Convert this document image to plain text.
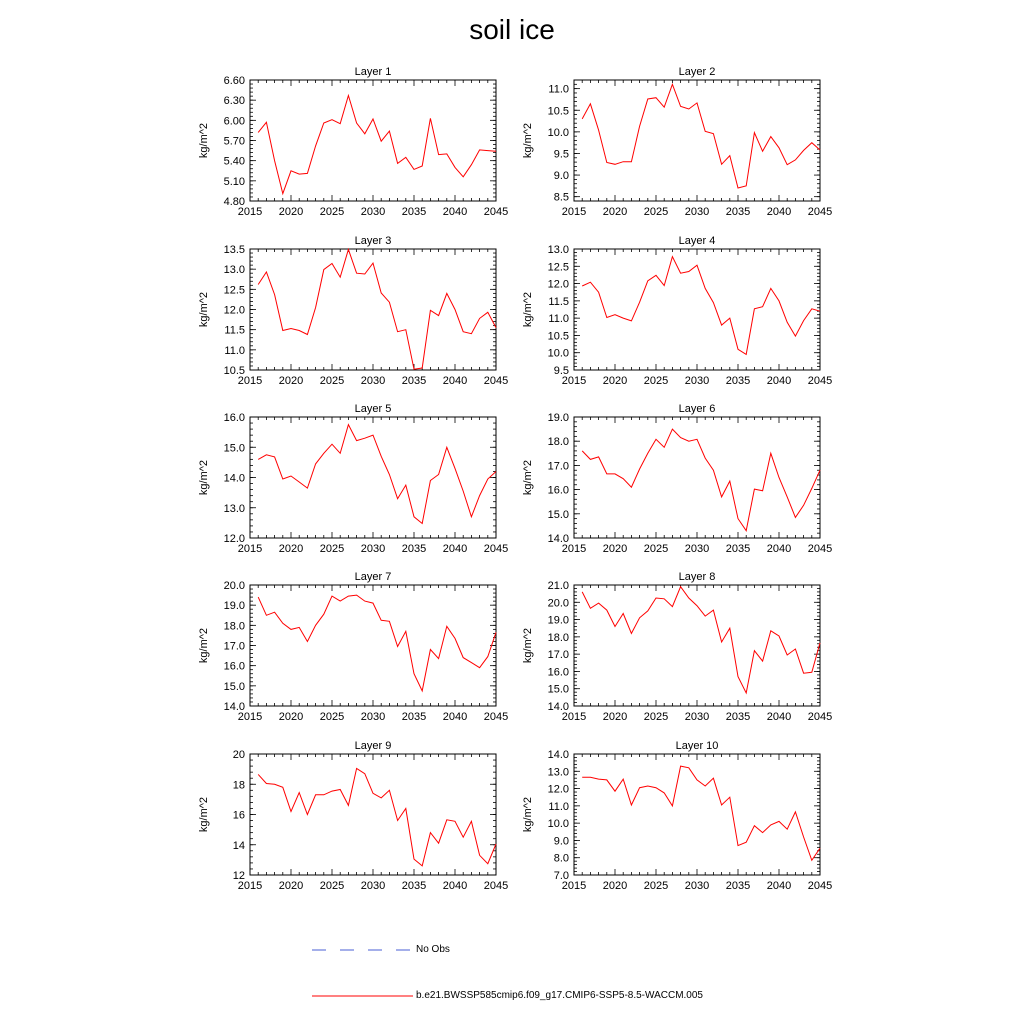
soil ice
Layer 1
kg/m^2
2015 2020 2025 2030 2035 2040 2045
4.80
5.10
5.40
5.70
6.00
6.30
6.60
Layer 2
kg/m^2
2015 2020 2025 2030 2035 2040 2045
8.5
9.0
9.5
10.0
10.5
11.0
Layer 3
kg/m^2
2015 2020 2025 2030 2035 2040 2045
10.5
11.0
11.5
12.0
12.5
13.0
13.5
Layer 4
kg/m^2
2015 2020 2025 2030 2035 2040 2045
9.5
10.0
10.5
11.0
11.5
12.0
12.5
13.0
Layer 5
kg/m^2
2015 2020 2025 2030 2035 2040 2045
12.0
13.0
14.0
15.0
16.0
Layer 6
kg/m^2
2015 2020 2025 2030 2035 2040 2045
14.0
15.0
16.0
17.0
18.0
19.0
Layer 7
kg/m^2
2015 2020 2025 2030 2035 2040 2045
14.0
15.0
16.0
17.0
18.0
19.0
20.0
Layer 8
kg/m^2
2015 2020 2025 2030 2035 2040 2045
14.0
15.0
16.0
17.0
18.0
19.0
20.0
21.0
Layer 9
kg/m^2
2015 2020 2025 2030 2035 2040 2045
12
14
16
18
20
Layer 10
kg/m^2
2015 2020 2025 2030 2035 2040 2045
7.0
8.0
9.0
10.0
11.0
12.0
13.0
14.0
No Obs
b.e21.BWSSP585cmip6.f09_g17.CMIP6-SSP5-8.5-WACCM.005
